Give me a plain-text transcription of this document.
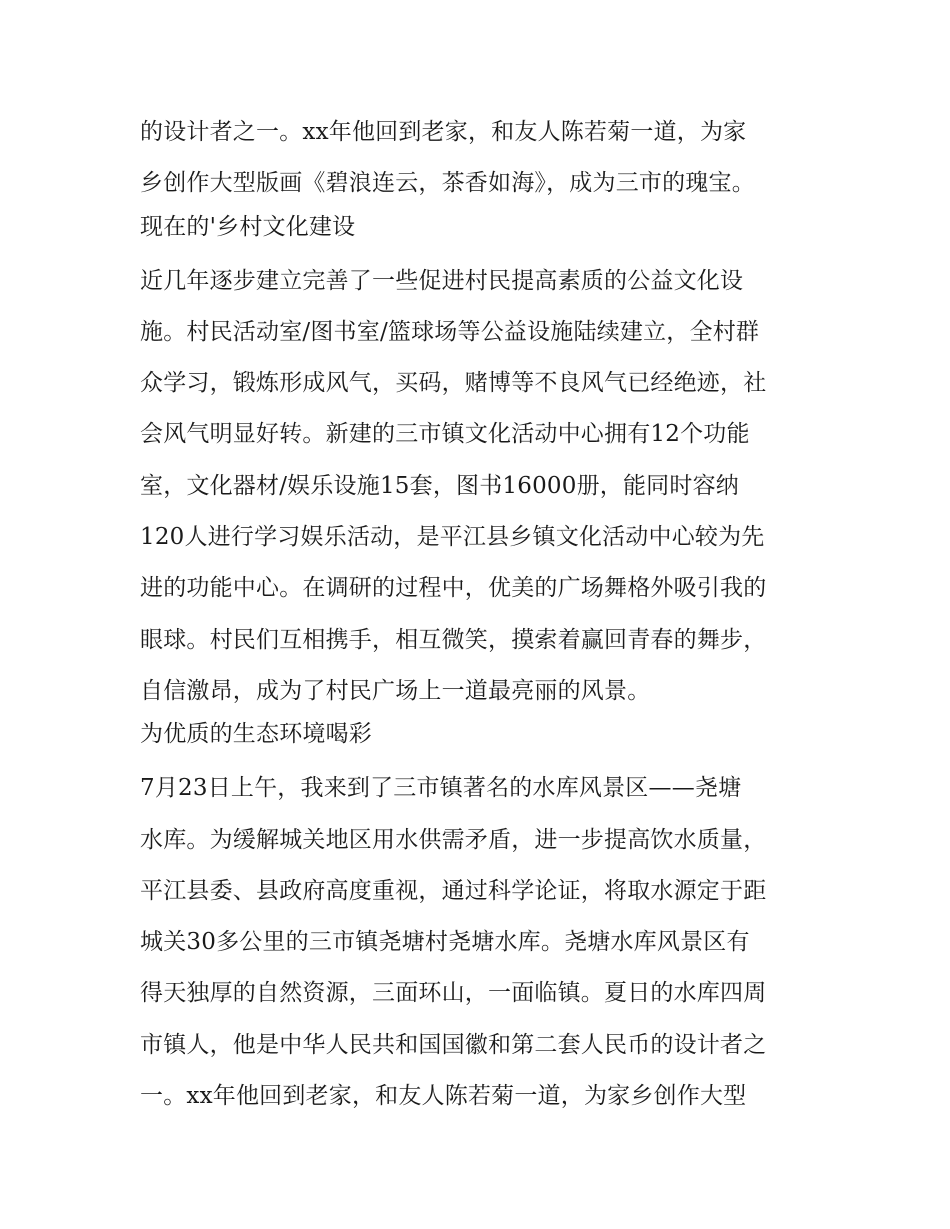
的设计者之一。xx年他回到老家，和友人陈若菊一道，为家
乡创作大型版画《碧浪连云，茶香如海》，成为三市的瑰宝。
现在的'乡村文化建设
近几年逐步建立完善了一些促进村民提高素质的公益文化设
施。村民活动室/图书室/篮球场等公益设施陆续建立，全村群
众学习，锻炼形成风气，买码，赌博等不良风气已经绝迹，社
会风气明显好转。新建的三市镇文化活动中心拥有12个功能
室，文化器材/娱乐设施15套，图书16000册，能同时容纳
120人进行学习娱乐活动，是平江县乡镇文化活动中心较为先
进的功能中心。在调研的过程中，优美的广场舞格外吸引我的
眼球。村民们互相携手，相互微笑，摸索着赢回青春的舞步，
自信激昂，成为了村民广场上一道最亮丽的风景。
为优质的生态环境喝彩
7月23日上午，我来到了三市镇著名的水库风景区——尧塘
水库。为缓解城关地区用水供需矛盾，进一步提高饮水质量，
平江县委、县政府高度重视，通过科学论证，将取水源定于距
城关30多公里的三市镇尧塘村尧塘水库。尧塘水库风景区有
得天独厚的自然资源，三面环山，一面临镇。夏日的水库四周
市镇人，他是中华人民共和国国徽和第二套人民币的设计者之
一。xx年他回到老家，和友人陈若菊一道，为家乡创作大型
